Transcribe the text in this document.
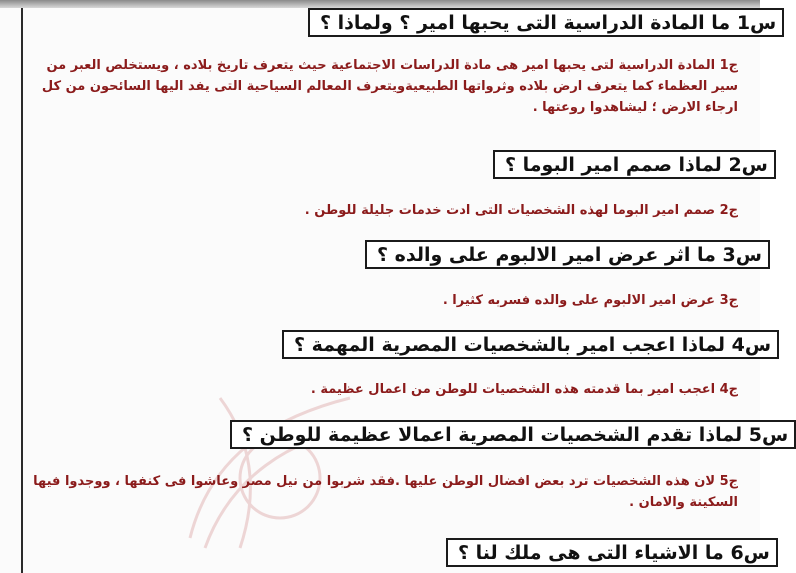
س1 ما المادة الدراسية التى يحبها امير ؟ ولماذا ؟
ج1 المادة الدراسية لتى يحبها امير هى مادة الدراسات الاجتماعية حيث يتعرف تاريخ بلاده ، ويستخلص العبر من سير العظماء كما يتعرف ارض بلاده وثرواتها الطبيعيةويتعرف المعالم السياحية التى يفد اليها السائحون من كل ارجاء الارض ؛ ليشاهدوا روعتها .
س2 لماذا صمم امير البوما ؟
ج2 صمم امير البوما لهذه الشخصيات التى ادت خدمات جليلة للوطن .
س3 ما اثر عرض امير الالبوم على والده ؟
ج3 عرض امير الالبوم على والده فسربه كثيرا .
س4 لماذا اعجب امير بالشخصيات المصرية المهمة ؟
ج4 اعجب امير بما قدمته هذه الشخصيات للوطن من اعمال عظيمة .
س5 لماذا تقدم الشخصيات المصرية اعمالا عظيمة للوطن ؟
ج5 لان هذه الشخصيات ترد بعض افضال الوطن عليها .فقد شربوا من نيل مصر وعاشوا فى كنفها ، ووجدوا فيها السكينة والامان .
س6 ما الاشياء التى هى ملك لنا ؟
